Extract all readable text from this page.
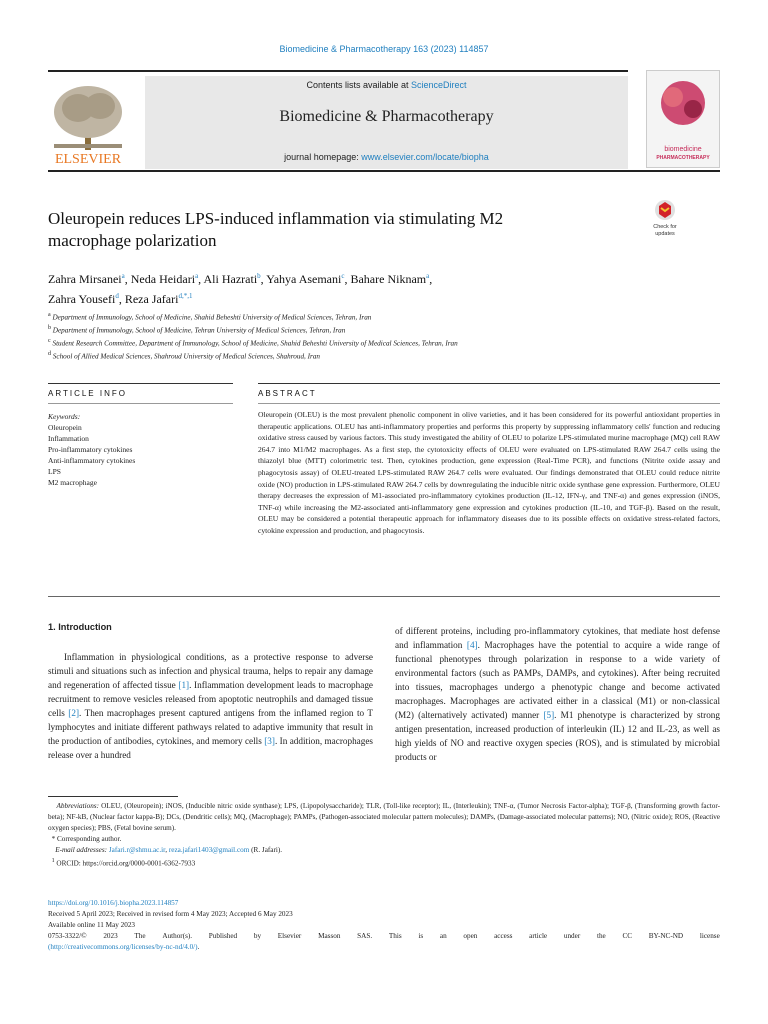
Biomedicine & Pharmacotherapy 163 (2023) 114857
ELSEVIER
Contents lists available at ScienceDirect
Biomedicine & Pharmacotherapy
journal homepage: www.elsevier.com/locate/biopha
biomedicine
PHARMACOTHERAPY
Check for
updates
Oleuropein reduces LPS-induced inflammation via stimulating M2
macrophage polarization
Zahra Mirsanei$^a$, Neda Heidari$^a$, Ali Hazrati$^b$, Yahya Asemani$^c$, Bahare Niknam$^a$,
Zahra Yousefi$^d$, Reza Jafari$^{d,*,1}$
$^a$ Department of Immunology, School of Medicine, Shahid Beheshti University of Medical Sciences, Tehran, Iran
$^b$ Department of Immunology, School of Medicine, Tehran University of Medical Sciences, Tehran, Iran
$^c$ Student Research Committee, Department of Immunology, School of Medicine, Shahid Beheshti University of Medical Sciences, Tehran, Iran
$^d$ School of Allied Medical Sciences, Shahroud University of Medical Sciences, Shahroud, Iran
ARTICLE INFO	ABSTRACT
Keywords:
Oleuropein
Inflammation
Pro-inflammatory cytokines
Anti-inflammatory cytokines
LPS
M2 macrophage
Oleuropein (OLEU) is the most prevalent phenolic component in olive varieties, and it has been considered for its powerful antioxidant properties in therapeutic applications. OLEU has anti-inflammatory properties and performs this property by suppressing inflammatory cells' function and reducing oxidative stress caused by various factors. This study investigated the ability of OLEU to polarize LPS-stimulated murine macrophage (MQ) cell RAW 264.7 into M1/M2 macrophages. As a first step, the cytotoxicity effects of OLEU were evaluated on LPS-stimulated RAW 264.7 cells using the thiazolyl blue (MTT) colorimetric test. Then, cytokines production, gene expression (Real-Time PCR), and functions (Nitrite oxide assay and phagocytosis assay) of OLEU-treated LPS-stimulated RAW 264.7 cells were evaluated. Our findings demonstrated that OLEU could reduce nitrite oxide (NO) production in LPS-stimulated RAW 264.7 cells by downregulating the inducible nitric oxide synthase gene expression. Furthermore, OLEU therapy decreases the expression of M1-associated pro-inflammatory cytokines production (IL-12, IFN-γ, and TNF-α) and genes expression (iNOS, TNF-α) while increasing the M2-associated anti-inflammatory gene expression and cytokines production (IL-10, and TGF-β). Based on the result, OLEU may be considered a potential therapeutic approach for inflammatory diseases due to its possible effects on oxidative stress-related factors, cytokine expression and production, and phagocytosis.
1. Introduction

Inflammation in physiological conditions, as a protective response to adverse stimuli and situations such as infection and physical trauma, helps to repair any damage and regeneration of affected tissue [1]. Inflammation development leads to macrophage recruitment to remove vesicles released from apoptotic neutrophils and damaged tissue cells [2]. Then macrophages present captured antigens from the inflamed region to T lymphocytes and initiate different pathways related to adaptive immunity that result in the production of antibodies, cytokines, and memory cells [3]. In addition, macrophages release over a hundred

of different proteins, including pro-inflammatory cytokines, that mediate host defense and inflammation [4]. Macrophages have the potential to acquire a wide range of functional phenotypes through polarization in response to a wide variety of environmental factors (such as PAMPs, DAMPs, and cytokines). After being recruited into tissues, macrophages undergo a phenotypic change and become activated macrophages. Macrophages are activated either in a classical (M1) or non-classical (M2) (alternatively activated) manner [5]. M1 phenotype is characterized by strong antigen presentation, increased production of interleukin (IL) 12 and IL-23, as well as high yields of NO and reactive oxygen species (ROS), and is stimulated by microbial products or

Abbreviations: OLEU, (Oleuropein); iNOS, (Inducible nitric oxide synthase); LPS, (Lipopolysaccharide); TLR, (Toll-like receptor); IL, (Interleukin); TNF-α, (Tumor Necrosis Factor-alpha); TGF-β, (Transforming growth factor-beta); NF-kB, (Nuclear factor kappa-B); DCs, (Dendritic cells); MQ, (Macrophage); PAMPs, (Pathogen-associated molecular pattern molecules); DAMPs, (Damage-associated molecular patterns); NO, (Nitric oxide); ROS, (Reactive oxygen species); PBS, (Fetal bovine serum).

* Corresponding author.

E-mail addresses: Jafari.r@shmu.ac.ir, reza.jafari1403@gmail.com (R. Jafari).

$^1$ ORCID: https://orcid.org/0000-0001-6362-7933

https://doi.org/10.1016/j.biopha.2023.114857

Received 5 April 2023; Received in revised form 4 May 2023; Accepted 6 May 2023

Available online 11 May 2023

0753-3322/© 2023 The Author(s). Published by Elsevier Masson SAS. This is an open access article under the CC BY-NC-ND license

(http://creativecommons.org/licenses/by-nc-nd/4.0/).
